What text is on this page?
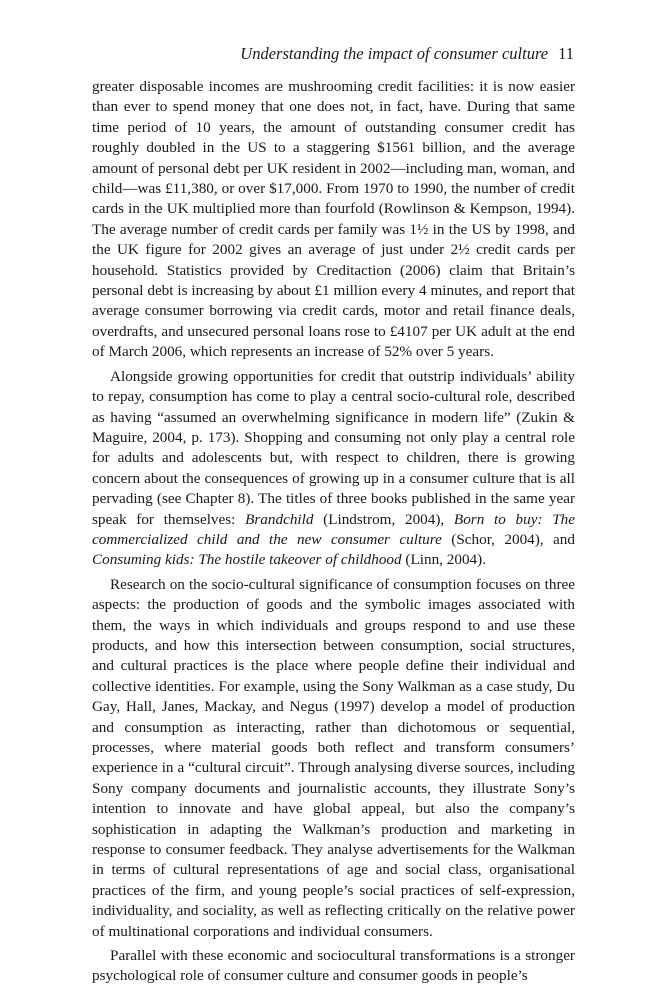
Understanding the impact of consumer culture 11

greater disposable incomes are mushrooming credit facilities: it is now easier than ever to spend money that one does not, in fact, have. During that same time period of 10 years, the amount of outstanding consumer credit has roughly doubled in the US to a staggering $1561 billion, and the average amount of personal debt per UK resident in 2002—including man, woman, and child—was £11,380, or over $17,000. From 1970 to 1990, the number of credit cards in the UK multiplied more than fourfold (Rowlinson & Kempson, 1994). The average number of credit cards per family was 1½ in the US by 1998, and the UK figure for 2002 gives an average of just under 2½ credit cards per household. Statistics provided by Creditaction (2006) claim that Britain’s personal debt is increasing by about £1 million every 4 minutes, and report that average consumer borrowing via credit cards, motor and retail finance deals, overdrafts, and unsecured personal loans rose to £4107 per UK adult at the end of March 2006, which represents an increase of 52% over 5 years.

Alongside growing opportunities for credit that outstrip individuals’ ability to repay, consumption has come to play a central socio-cultural role, described as having “assumed an overwhelming significance in modern life” (Zukin & Maguire, 2004, p. 173). Shopping and consuming not only play a central role for adults and adolescents but, with respect to children, there is growing concern about the consequences of growing up in a consumer culture that is all pervading (see Chapter 8). The titles of three books published in the same year speak for themselves: Brandchild (Lindstrom, 2004), Born to buy: The commercialized child and the new consumer culture (Schor, 2004), and Consuming kids: The hostile takeover of childhood (Linn, 2004).

Research on the socio-cultural significance of consumption focuses on three aspects: the production of goods and the symbolic images associated with them, the ways in which individuals and groups respond to and use these products, and how this intersection between consumption, social structures, and cultural practices is the place where people define their individual and collective identities. For example, using the Sony Walkman as a case study, Du Gay, Hall, Janes, Mackay, and Negus (1997) develop a model of production and consumption as interacting, rather than dichotomous or sequential, processes, where material goods both reflect and transform consumers’ experience in a “cultural circuit”. Through analysing diverse sources, including Sony company documents and journalistic accounts, they illustrate Sony’s intention to innovate and have global appeal, but also the company’s sophistication in adapting the Walkman’s production and marketing in response to consumer feedback. They analyse advertisements for the Walkman in terms of cultural representations of age and social class, organisational practices of the firm, and young people’s social practices of self-expression, individuality, and sociality, as well as reflecting critically on the relative power of multinational corporations and individual consumers.

Parallel with these economic and sociocultural transformations is a stronger psychological role of consumer culture and consumer goods in people’s
